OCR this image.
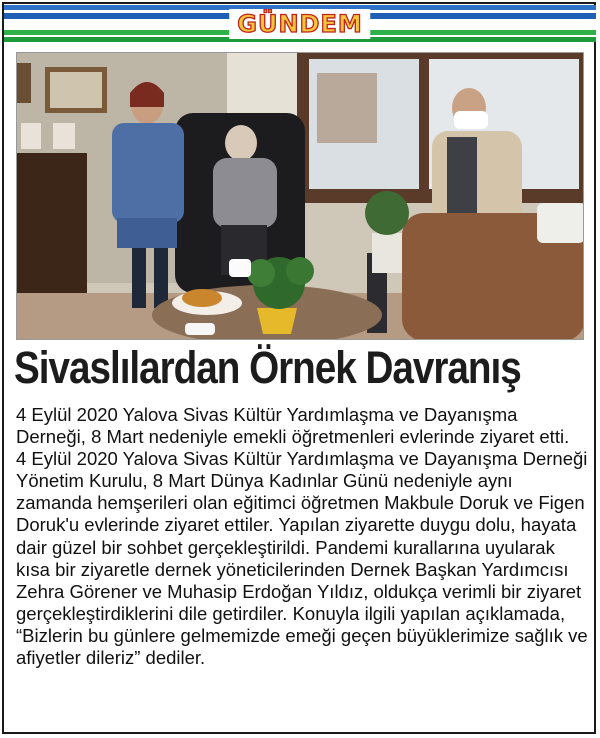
GÜNDEM
Sivaslılardan Örnek Davranış

4 Eylül 2020 Yalova Sivas Kültür Yardımlaşma ve Dayanışma Derneği, 8 Mart nedeniyle emekli öğretmenleri evlerinde ziyaret etti.

4 Eylül 2020 Yalova Sivas Kültür Yardımlaşma ve Dayanışma Derneği Yönetim Kurulu, 8 Mart Dünya Kadınlar Günü nedeniyle aynı zamanda hemşerileri olan eğitimci öğretmen Makbule Doruk ve Figen Doruk'u evlerinde ziyaret ettiler. Yapılan ziyarette duygu dolu, hayata dair güzel bir sohbet gerçekleştirildi. Pandemi kurallarına uyularak kısa bir ziyaretle dernek yöneticilerinden Dernek Başkan Yardımcısı Zehra Görener ve Muhasip Erdoğan Yıldız, oldukça verimli bir ziyaret gerçekleştirdiklerini dile getirdiler. Konuyla ilgili yapılan açıklamada, “Bizlerin bu günlere gelmemizde emeği geçen büyüklerimize sağlık ve afiyetler dileriz” dediler.
